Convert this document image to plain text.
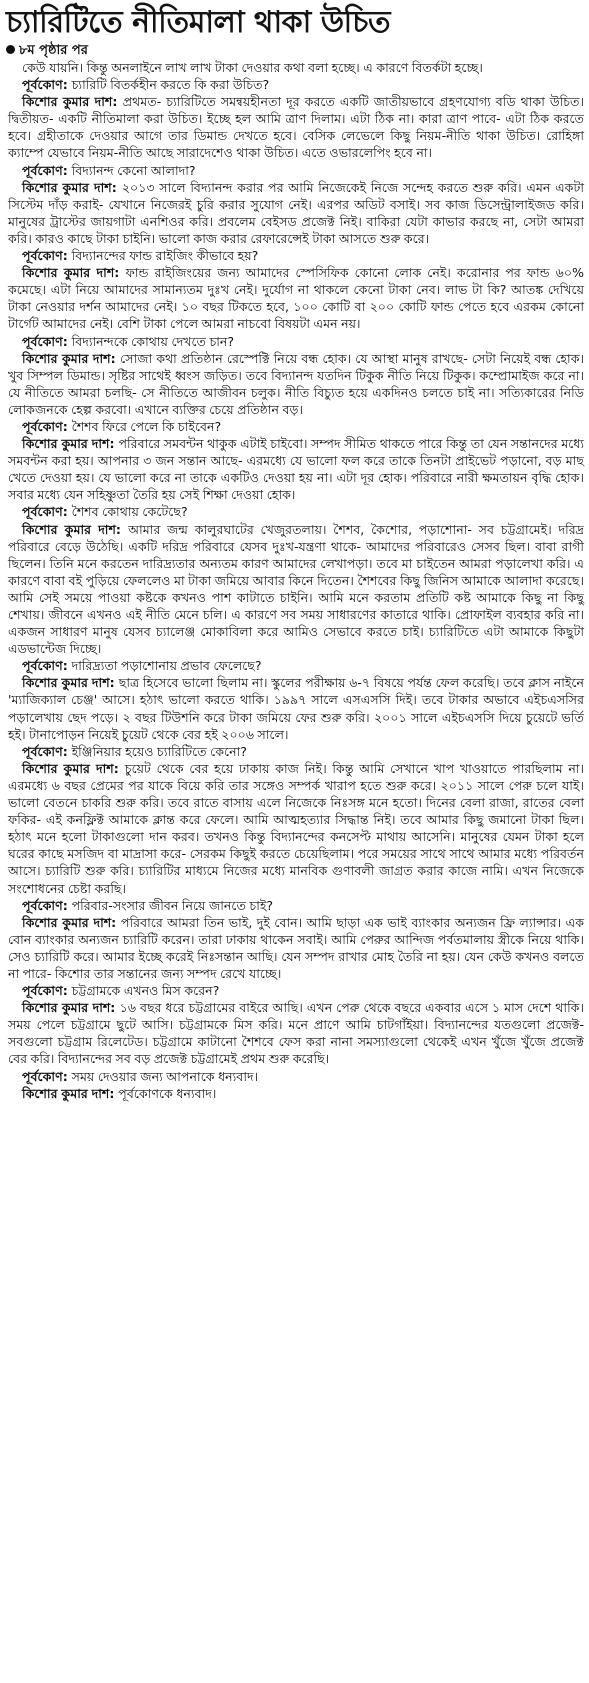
চ্যারিটিতে নীতিমালা থাকা উচিত
৮ম পৃষ্ঠার পর

কেউ যায়নি। কিন্তু অনলাইনে লাখ লাখ টাকা দেওয়ার কথা বলা হচ্ছে। এ কারণে বিতর্কটা হচ্ছে।

পূর্বকোণ: চ্যারিটি বিতর্কহীন করতে কি করা উচিত?

কিশোর কুমার দাশ: প্রথমত- চ্যারিটিতে সমন্বয়হীনতা দূর করতে একটি জাতীয়ভাবে গ্রহণযোগ্য বডি থাকা উচিত। দ্বিতীয়ত- একটি নীতিমালা করা উচিত। ইচ্ছে হল আমি ত্রাণ দিলাম। এটা ঠিক না। কারা ত্রাণ পাবে- এটা ঠিক করতে হবে। গ্রহীতাকে দেওয়ার আগে তার ডিমান্ড দেখতে হবে। বেসিক লেভেলে কিছু নিয়ম-নীতি থাকা উচিত। রোহিঙ্গা ক্যাম্পে যেভাবে নিয়ম-নীতি আছে সারাদেশেও থাকা উচিত। এতে ওভারলেপিং হবে না।

পূর্বকোণ: বিদ্যানন্দ কেনো আলাদা?

কিশোর কুমার দাশ: ২০১৩ সালে বিদ্যানন্দ করার পর আমি নিজেকেই নিজে সন্দেহ করতে শুরু করি। এমন একটা সিস্টেম দাঁড় করাই- যেখানে নিজেরই চুরি করার সুযোগ নেই। এরপর অডিট বসাই। সব কাজ ডিসেন্ট্রালাইজড করি। মানুষের ট্রাস্টের জায়গাটা এনশিওর করি। প্রবলেম বেইসড প্রজেক্ট নিই। বাকিরা যেটা কাভার করছে না, সেটা আমরা করি। কারও কাছে টাকা চাইনি। ভালো কাজ করার রেফারেন্সেই টাকা আসতে শুরু করে।

পূর্বকোণ: বিদ্যানন্দের ফান্ড রাইজিং কীভাবে হয়?

কিশোর কুমার দাশ: ফান্ড রাইজিংয়ের জন্য আমাদের স্পেসিফিক কোনো লোক নেই। করোনার পর ফান্ড ৬০% কমেছে। এটা নিয়ে আমাদের সামান্যতম দুঃখ নেই। দুর্যোগ না থাকলে কেনো টাকা নেব। লাভ টা কি? আতঙ্ক দেখিয়ে টাকা নেওয়ার দর্শন আমাদের নেই। ১০ বছর টিকতে হবে, ১০০ কোটি বা ২০০ কোটি ফান্ড পেতে হবে এরকম কোনো টার্গেট আমাদের নেই। বেশি টাকা পেলে আমরা নাচবো বিষয়টা এমন নয়।

পূর্বকোণ: বিদ্যানন্দকে কোথায় দেখতে চান?

কিশোর কুমার দাশ: সোজা কথা প্রতিষ্ঠান রেস্পেক্টি নিয়ে বন্ধ হোক। যে আস্থা মানুষ রাখছে- সেটা নিয়েই বন্ধ হোক। খুব সিম্পল ডিমান্ড। সৃষ্টির সাথেই ধ্বংস জড়িত। তবে বিদ্যানন্দ যতদিন টিকুক নীতি নিয়ে টিকুক। কম্প্রোমাইজ করে না। যে নীতিতে আমরা চলছি- সে নীতিতে আজীবন চলুক। নীতি বিচ্যুত হয়ে একদিনও চলতে চাই না। সত্যিকারের নিডি লোকজনকে হেল্প করবো। এখানে ব্যক্তির চেয়ে প্রতিষ্ঠান বড়।

পূর্বকোণ: শৈশব ফিরে পেলে কি চাইবেন?

কিশোর কুমার দাশ: পরিবারে সমবন্টন থাকুক এটাই চাইবো। সম্পদ সীমিত থাকতে পারে কিন্তু তা যেন সন্তানদের মধ্যে সমবন্টন করা হয়। আপনার ৩ জন সন্তান আছে- এরমধ্যে যে ভালো ফল করে তাকে তিনটা প্রাইভেট পড়ানো, বড় মাছ খেতে দেওয়া হয়। যে ভালো করে না তাকে একটিও দেওয়া হয় না। এটা দূর হোক। পরিবারে নারী ক্ষমতায়ন বৃদ্ধি হোক। সবার মধ্যে যেন সহিষ্ণুতা তৈরি হয় সেই শিক্ষা দেওয়া হোক।

পূর্বকোণ: শৈশব কোথায় কেটেছে?

কিশোর কুমার দাশ: আমার জন্ম কালুরঘাটের খেজুরতলায়। শৈশব, কৈশোর, পড়াশোনা- সব চট্টগ্রামেই। দরিদ্র পরিবারে বেড়ে উঠেছি। একটি দরিদ্র পরিবারে যেসব দুঃখ-যন্ত্রণা থাকে- আমাদের পরিবারেও সেসব ছিল। বাবা রাগী ছিলেন। তিনি মনে করতেন দারিদ্র্যতার অন্যতম কারণ আমাদের লেখাপড়া। তবে মা চাইতেন আমরা পড়ালেখা করি। এ কারণে বাবা বই পুড়িয়ে ফেললেও মা টাকা জমিয়ে আবার কিনে দিতেন। শৈশবের কিছু জিনিস আমাকে আলাদা করেছে। আমি সেই সময়ে পাওয়া কষ্টকে কখনও পাশ কাটাতে চাইনি। আমি মনে করতাম প্রতিটি কষ্ট আমাকে কিছু না কিছু শেখায়। জীবনে এখনও এই নীতি মেনে চলি। এ কারণে সব সময় সাধারণের কাতারে থাকি। প্রোফাইল ব্যবহার করি না। একজন সাধারণ মানুষ যেসব চ্যালেঞ্জ মোকাবিলা করে আমিও সেভাবে করতে চাই। চ্যারিটিতে এটা আমাকে কিছুটা এডভান্টেজ দিচ্ছে।

পূর্বকোণ: দারিদ্র্যতা পড়াশোনায় প্রভাব ফেলেছে?

কিশোর কুমার দাশ: ছাত্র হিসেবে ভালো ছিলাম না। স্কুলের পরীক্ষায় ৬-৭ বিষয়ে পর্যন্ত ফেল করেছি। তবে ক্লাস নাইনে 'ম্যাজিক্যাল চেঞ্জ' আসে। হঠাৎ ভালো করতে থাকি। ১৯৯৭ সালে এসএসসি দিই। তবে টাকার অভাবে এইচএসসির পড়ালেখায় ছেদ পড়ে। ২ বছর টিউশনি করে টাকা জমিয়ে ফের শুরু করি। ২০০১ সালে এইচএসসি দিয়ে চুয়েটে ভর্তি হই। টানাপোড়ন নিয়েই চুয়েট থেকে বের হই ২০০৬ সালে।

পূর্বকোণ: ইঞ্জিনিয়ার হয়েও চ্যারিটিতে কেনো?

কিশোর কুমার দাশ: চুয়েট থেকে বের হয়ে ঢাকায় কাজ নিই। কিন্তু আমি সেখানে খাপ খাওয়াতে পারছিলাম না। এরমধ্যে ৬ বছর প্রেমের পর যাকে বিয়ে করি তার সঙ্গেও সম্পর্ক খারাপ হতে শুরু করে। ২০১১ সালে পেরু চলে যাই। ভালো বেতনে চাকরি শুরু করি। তবে রাতে বাসায় এলে নিজেকে নিঃসঙ্গ মনে হতো। দিনের বেলা রাজা, রাতের বেলা ফকির- এই কনফ্লিক্ট আমাকে ক্লান্ত করে ফেলে। আমি আত্মহত্যার সিদ্ধান্ত নিই। তবে আমার কিছু জমানো টাকা ছিল। হঠাৎ মনে হলো টাকাগুলো দান করব। তখনও কিন্তু বিদ্যানন্দের কনসেপ্ট মাথায় আসেনি। মানুষের যেমন টাকা হলে ঘরের কাছে মসজিদ বা মাদ্রাসা করে- সেরকম কিছুই করতে চেয়েছিলাম। পরে সময়ের সাথে সাথে আমার মধ্যে পরিবর্তন আসে। চ্যারিটি শুরু করি। চ্যারিটির মাধ্যমে নিজের মধ্যে মানবিক গুণাবলী জাগ্রত করার কাজে নামি। এখন নিজেকে সংশোধনের চেষ্টা করছি।

পূর্বকোণ: পরিবার-সংসার জীবন নিয়ে জানতে চাই?

কিশোর কুমার দাশ: পরিবারে আমরা তিন ভাই, দুই বোন। আমি ছাড়া এক ভাই ব্যাংকার অন্যজন ফ্রি ল্যান্সার। এক বোন ব্যাংকার অন্যজন চ্যারিটি করেন। তারা ঢাকায় থাকেন সবাই। আমি পেরুর আন্দিজ পর্বতমালায় স্ত্রীকে নিয়ে থাকি। সেও চ্যারিটি করে। আমার ইচ্ছে করেই নিঃসন্তান আছি। যেন সম্পদ রাখার মোহ তৈরি না হয়। যেন কেউ কখনও বলতে না পারে- কিশোর তার সন্তানের জন্য সম্পদ রেখে যাচ্ছে।

পূর্বকোণ: চট্টগ্রামকে এখনও মিস করেন?

কিশোর কুমার দাশ: ১৬ বছর ধরে চট্টগ্রামের বাইরে আছি। এখন পেরু থেকে বছরে একবার এসে ১ মাস দেশে থাকি। সময় পেলে চট্টগ্রামে ছুটে আসি। চট্টগ্রামকে মিস করি। মনে প্রাণে আমি চাটগাঁইয়া। বিদ্যানন্দের যতগুলো প্রজেক্ট- সবগুলো চট্টগ্রাম রিলেটেড। চট্টগ্রামে কাটানো শৈশবে ফেস করা নানা সমস্যাগুলো থেকেই এখন খুঁজে খুঁজে প্রজেক্ট বের করি। বিদ্যানন্দের সব বড় প্রজেক্ট চট্টগ্রামেই প্রথম শুরু করেছি।

পূর্বকোণ: সময় দেওয়ার জন্য আপনাকে ধন্যবাদ।

কিশোর কুমার দাশ: পূর্বকোণকে ধন্যবাদ।
